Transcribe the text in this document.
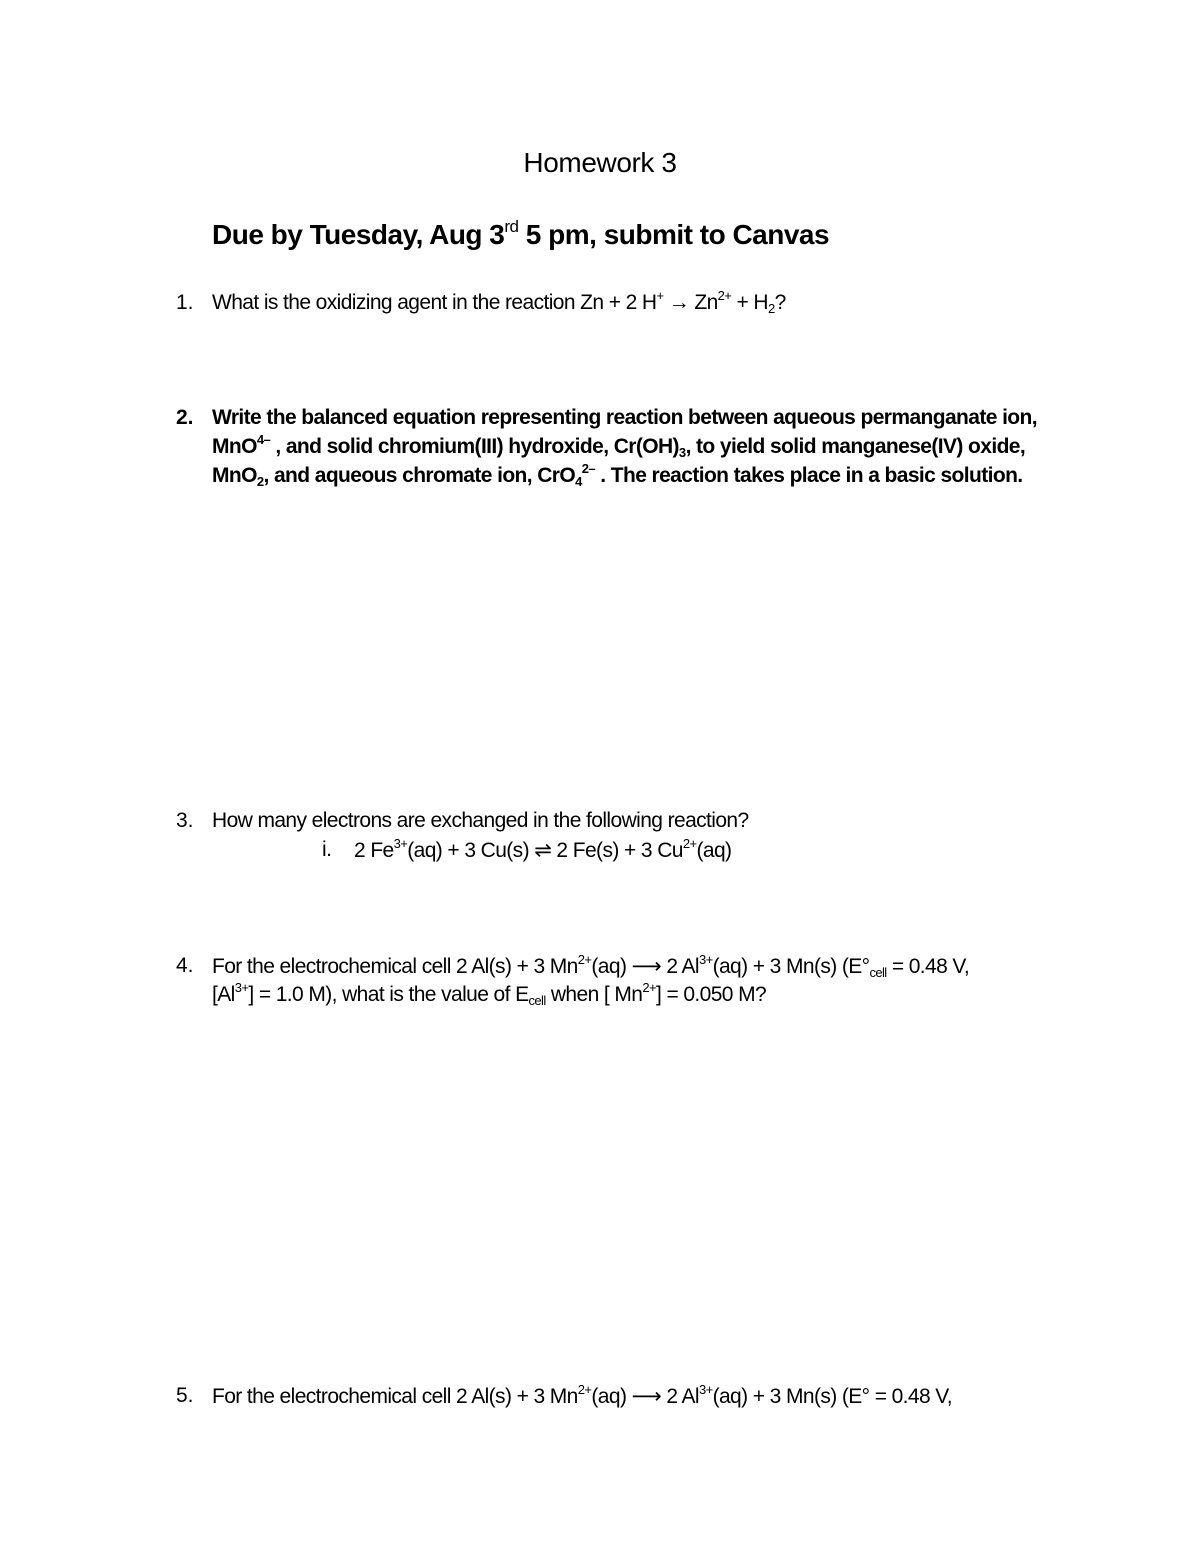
Homework 3
Due by Tuesday, Aug 3rd 5 pm, submit to Canvas
1. What is the oxidizing agent in the reaction Zn + 2 $H^+ \to Zn^{2+} + H_2$?
2. Write the balanced equation representing reaction between aqueous permanganate ion,
MnO$^{4-}$ , and solid chromium(III) hydroxide, $Cr(OH)_3$, to yield solid manganese(IV) oxide,
MnO$_2$, and aqueous chromate ion, CrO$_4^{2-}$ . The reaction takes place in a basic solution.
3. How many electrons are exchanged in the following reaction?
i. 2 $Fe^{3+}(aq) + 3$ Cu(s) ⇌ 2 Fe(s) + 3 $Cu^{2+}(aq)$
4. For the electrochemical cell 2 Al(s) + 3 $Mn^{2+}(aq)$ ⟶ 2 $Al^{3+}(aq) + 3$ Mn(s) ($E^\circ_{cell} = 0.48$ V,
$[Al^{3+}] = 1.0$ M), what is the value of $E_{cell}$ when [ $Mn^{2+}] = 0.050$ M?
5. For the electrochemical cell 2 Al(s) + 3 $Mn^{2+}(aq)$ ⟶ 2 $Al^{3+}(aq) + 3$ Mn(s) (E° = 0.48 V,
